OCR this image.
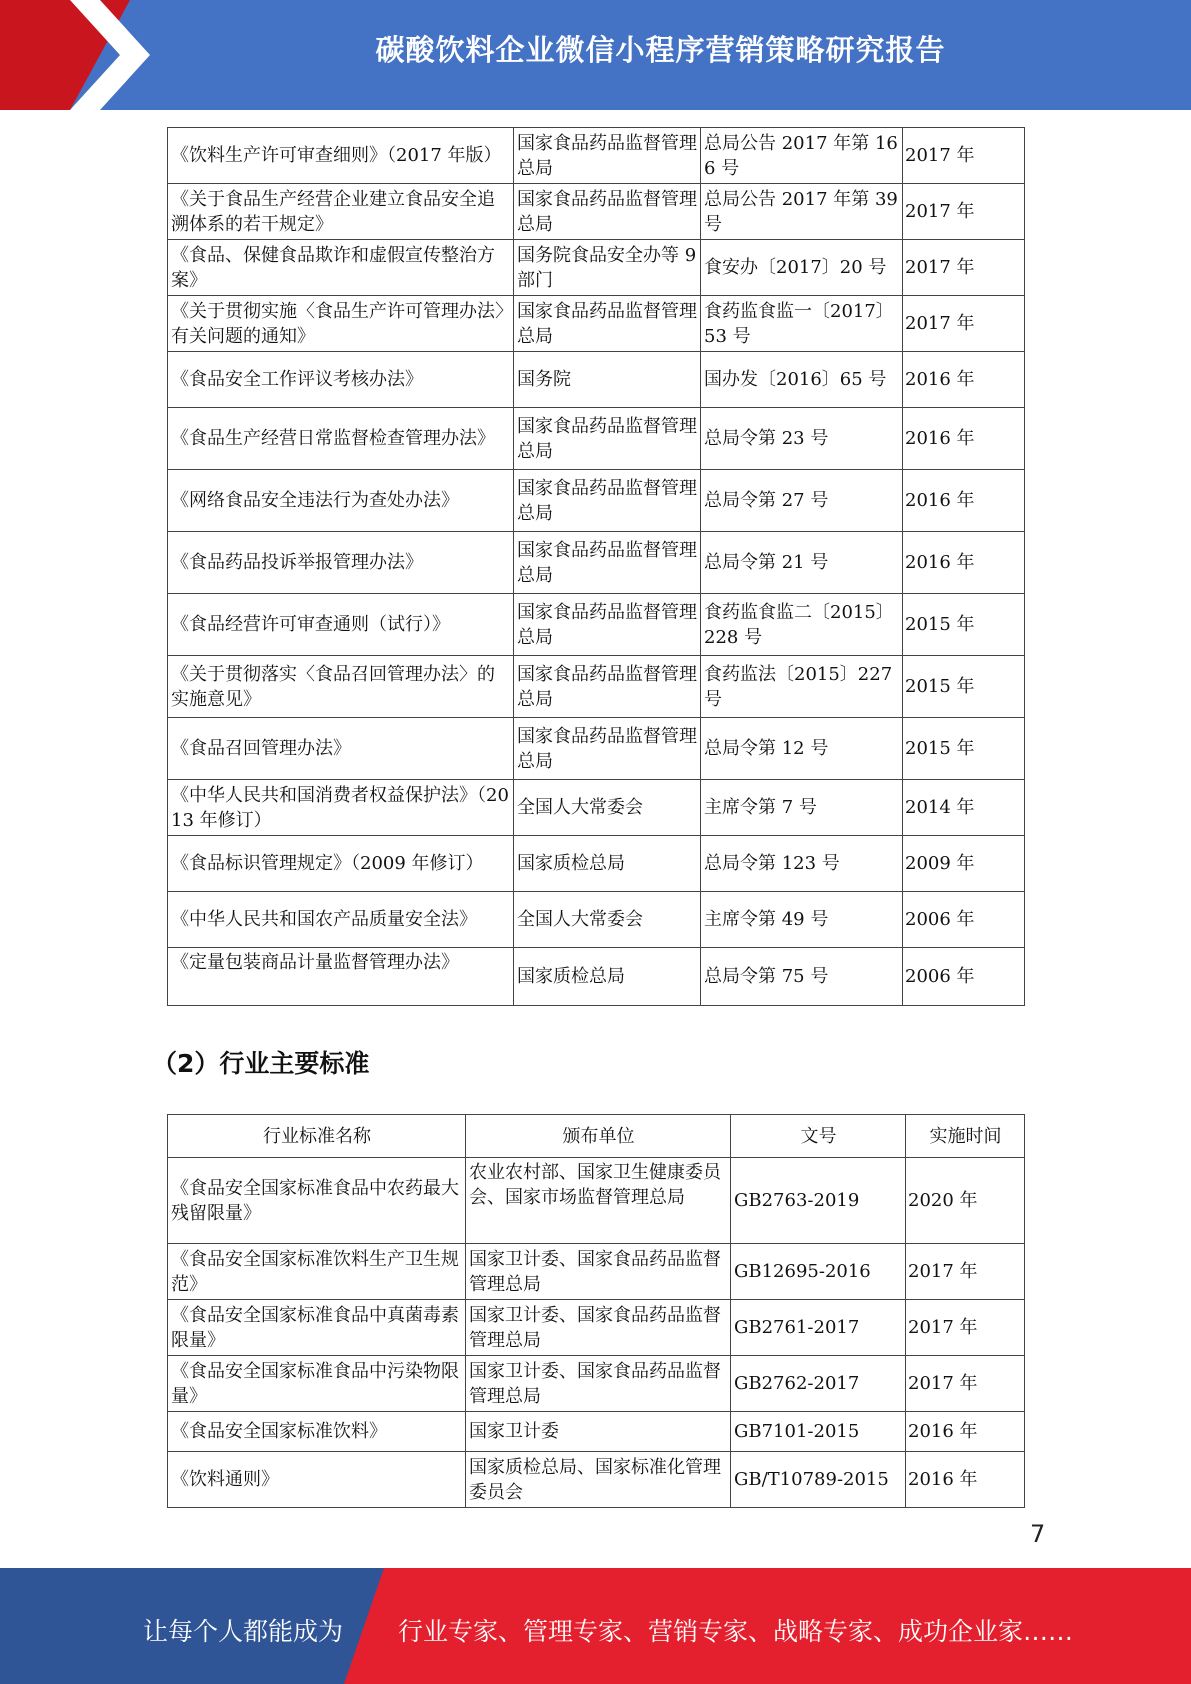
碳酸饮料企业微信小程序营销策略研究报告
《饮料生产许可审查细则》（2017 年版）	国家食品药品监督管理总局	总局公告 2017 年第 166 号	2017 年
《关于食品生产经营企业建立食品安全追溯体系的若干规定》	国家食品药品监督管理总局	总局公告 2017 年第 39 号	2017 年
《食品、保健食品欺诈和虚假宣传整治方案》	国务院食品安全办等 9 部门	食安办〔2017〕20 号	2017 年
《关于贯彻实施〈食品生产许可管理办法〉有关问题的通知》	国家食品药品监督管理总局	食药监食监一〔2017〕53 号	2017 年
《食品安全工作评议考核办法》	国务院	国办发〔2016〕65 号	2016 年
《食品生产经营日常监督检查管理办法》	国家食品药品监督管理总局	总局令第 23 号	2016 年
《网络食品安全违法行为查处办法》	国家食品药品监督管理总局	总局令第 27 号	2016 年
《食品药品投诉举报管理办法》	国家食品药品监督管理总局	总局令第 21 号	2016 年
《食品经营许可审查通则（试行）》	国家食品药品监督管理总局	食药监食监二〔2015〕228 号	2015 年
《关于贯彻落实〈食品召回管理办法〉的实施意见》	国家食品药品监督管理总局	食药监法〔2015〕227 号	2015 年
《食品召回管理办法》	国家食品药品监督管理总局	总局令第 12 号	2015 年
《中华人民共和国消费者权益保护法》（2013 年修订）	全国人大常委会	主席令第 7 号	2014 年
《食品标识管理规定》（2009 年修订）	国家质检总局	总局令第 123 号	2009 年
《中华人民共和国农产品质量安全法》	全国人大常委会	主席令第 49 号	2006 年
《定量包装商品计量监督管理办法》	国家质检总局	总局令第 75 号	2006 年
（2）行业主要标准
行业标准名称	颁布单位	文号	实施时间
《食品安全国家标准食品中农药最大残留限量》	农业农村部、国家卫生健康委员会、国家市场监督管理总局	GB2763-2019	2020 年
《食品安全国家标准饮料生产卫生规范》	国家卫计委、国家食品药品监督管理总局	GB12695-2016	2017 年
《食品安全国家标准食品中真菌毒素限量》	国家卫计委、国家食品药品监督管理总局	GB2761-2017	2017 年
《食品安全国家标准食品中污染物限量》	国家卫计委、国家食品药品监督管理总局	GB2762-2017	2017 年
《食品安全国家标准饮料》	国家卫计委	GB7101-2015	2016 年
《饮料通则》	国家质检总局、国家标准化管理委员会	GB/T10789-2015	2016 年
7
让每个人都能成为 行业专家、管理专家、营销专家、战略专家、成功企业家……
